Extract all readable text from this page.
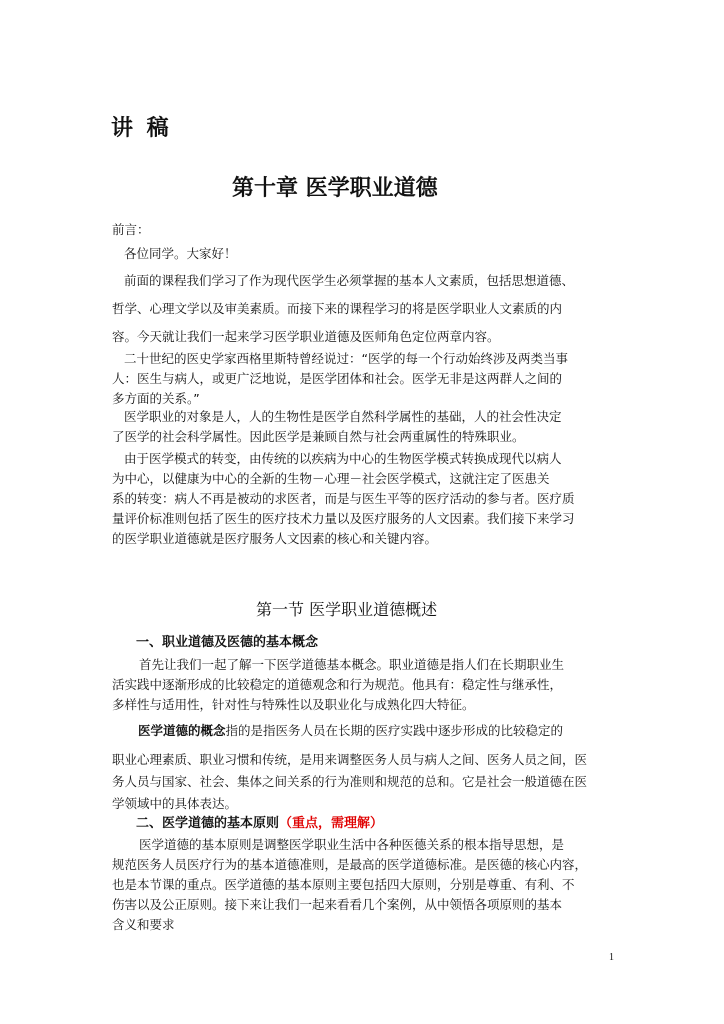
讲 稿
第十章 医学职业道德
前言：
各位同学。大家好！
前面的课程我们学习了作为现代医学生必须掌握的基本人文素质，包括思想道德、
哲学、心理文学以及审美素质。而接下来的课程学习的将是医学职业人文素质的内
容。今天就让我们一起来学习医学职业道德及医师角色定位两章内容。
二十世纪的医史学家西格里斯特曾经说过：“医学的每一个行动始终涉及两类当事
人：医生与病人，或更广泛地说，是医学团体和社会。医学无非是这两群人之间的
多方面的关系。”
医学职业的对象是人，人的生物性是医学自然科学属性的基础，人的社会性决定
了医学的社会科学属性。因此医学是兼顾自然与社会两重属性的特殊职业。
由于医学模式的转变，由传统的以疾病为中心的生物医学模式转换成现代以病人
为中心，以健康为中心的全新的生物－心理－社会医学模式，这就注定了医患关
系的转变：病人不再是被动的求医者，而是与医生平等的医疗活动的参与者。医疗质
量评价标准则包括了医生的医疗技术力量以及医疗服务的人文因素。我们接下来学习
的医学职业道德就是医疗服务人文因素的核心和关键内容。
第一节 医学职业道德概述
一、职业道德及医德的基本概念
首先让我们一起了解一下医学道德基本概念。职业道德是指人们在长期职业生
活实践中逐渐形成的比较稳定的道德观念和行为规范。他具有：稳定性与继承性，
多样性与适用性，针对性与特殊性以及职业化与成熟化四大特征。
医学道德的概念指的是指医务人员在长期的医疗实践中逐步形成的比较稳定的
职业心理素质、职业习惯和传统，是用来调整医务人员与病人之间、医务人员之间，医
务人员与国家、社会、集体之间关系的行为准则和规范的总和。它是社会一般道德在医
学领域中的具体表达。
二、医学道德的基本原则（重点，需理解）
医学道德的基本原则是调整医学职业生活中各种医德关系的根本指导思想，是
规范医务人员医疗行为的基本道德准则，是最高的医学道德标准。是医德的核心内容，
也是本节课的重点。医学道德的基本原则主要包括四大原则，分别是尊重、有利、不
伤害以及公正原则。接下来让我们一起来看看几个案例，从中领悟各项原则的基本
含义和要求
1
